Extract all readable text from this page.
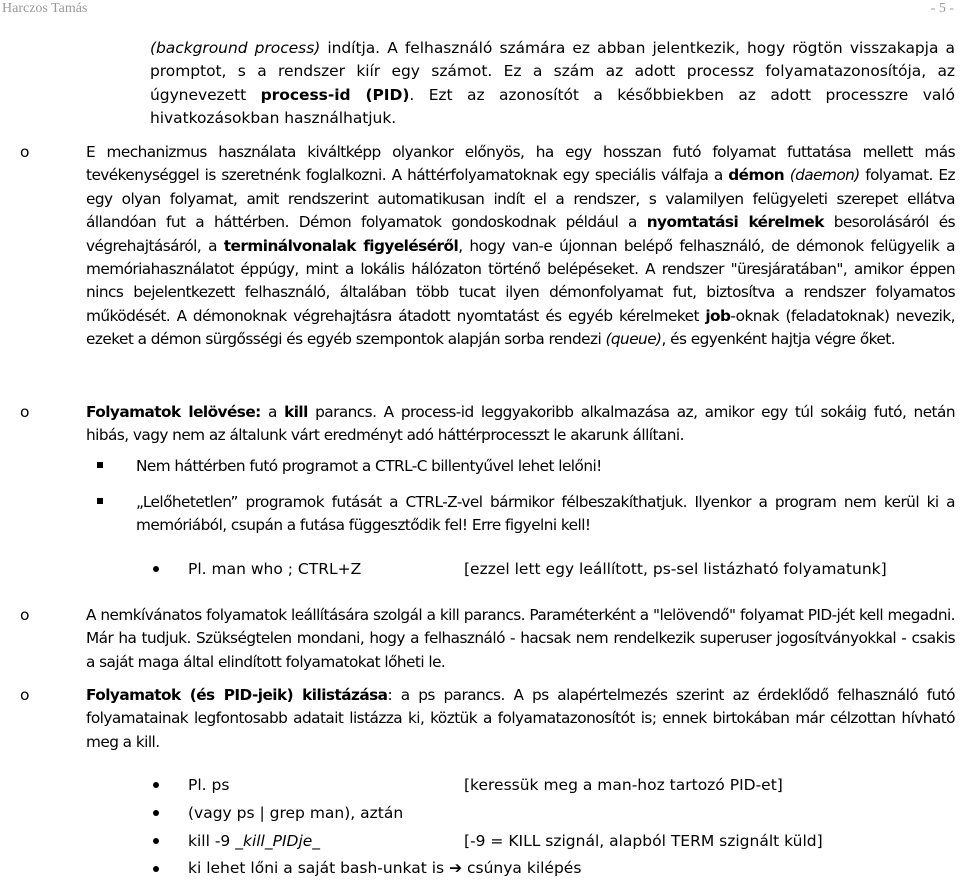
Harczos Tamás	- 5 -

(background process) indítja. A felhasználó számára ez abban jelentkezik, hogy rögtön visszakapja a promptot, s a rendszer kiír egy számot. Ez a szám az adott processz folyamatazonosítója, az úgynevezett process-id (PID). Ezt az azonosítót a későbbiekben az adott processzre való hivatkozásokban használhatjuk.

o	E mechanizmus használata kiváltképp olyankor előnyös, ha egy hosszan futó folyamat futtatása mellett más tevékenységgel is szeretnénk foglalkozni. A háttérfolyamatoknak egy speciális válfaja a démon (daemon) folyamat. Ez egy olyan folyamat, amit rendszerint automatikusan indít el a rendszer, s valamilyen felügyeleti szerepet ellátva állandóan fut a háttérben. Démon folyamatok gondoskodnak például a nyomtatási kérelmek besorolásáról és végrehajtásáról, a terminálvonalak figyeléséről, hogy van-e újonnan belépő felhasználó, de démonok felügyelik a memóriahasználatot éppúgy, mint a lokális hálózaton történő belépéseket. A rendszer "üresjáratában", amikor éppen nincs bejelentkezett felhasználó, általában több tucat ilyen démonfolyamat fut, biztosítva a rendszer folyamatos működését. A démonoknak végrehajtásra átadott nyomtatást és egyéb kérelmeket job-oknak (feladatoknak) nevezik, ezeket a démon sürgősségi és egyéb szempontok alapján sorba rendezi (queue), és egyenként hajtja végre őket.

o	Folyamatok lelövése: a kill parancs. A process-id leggyakoribb alkalmazása az, amikor egy túl sokáig futó, netán hibás, vagy nem az általunk várt eredményt adó háttérprocesszt le akarunk állítani.

Nem háttérben futó programot a CTRL-C billentyűvel lehet lelőni!

„Lelőhetetlen” programok futását a CTRL-Z-vel bármikor félbeszakíthatjuk. Ilyenkor a program nem kerül ki a memóriából, csupán a futása függesztődik fel! Erre figyelni kell!

Pl. man who ; CTRL+Z	[ezzel lett egy leállított, ps-sel listázható folyamatunk]
o	A nemkívánatos folyamatok leállítására szolgál a kill parancs. Paraméterként a "lelövendő" folyamat PID-jét kell megadni. Már ha tudjuk. Szükségtelen mondani, hogy a felhasználó - hacsak nem rendelkezik superuser jogosítványokkal - csakis a saját maga által elindított folyamatokat lőheti le.

o	Folyamatok (és PID-jeik) kilistázása: a ps parancs. A ps alapértelmezés szerint az érdeklődő felhasználó futó folyamatainak legfontosabb adatait listázza ki, köztük a folyamatazonosítót is; ennek birtokában már célzottan hívható meg a kill.

Pl. ps	[keressük meg a man-hoz tartozó PID-et]
(vagy ps | grep man), aztán
kill -9 _kill_PIDje_	[-9 = KILL szignál, alapból TERM szignált küld]
ki lehet lőni a saját bash-unkat is ➔ csúnya kilépés
